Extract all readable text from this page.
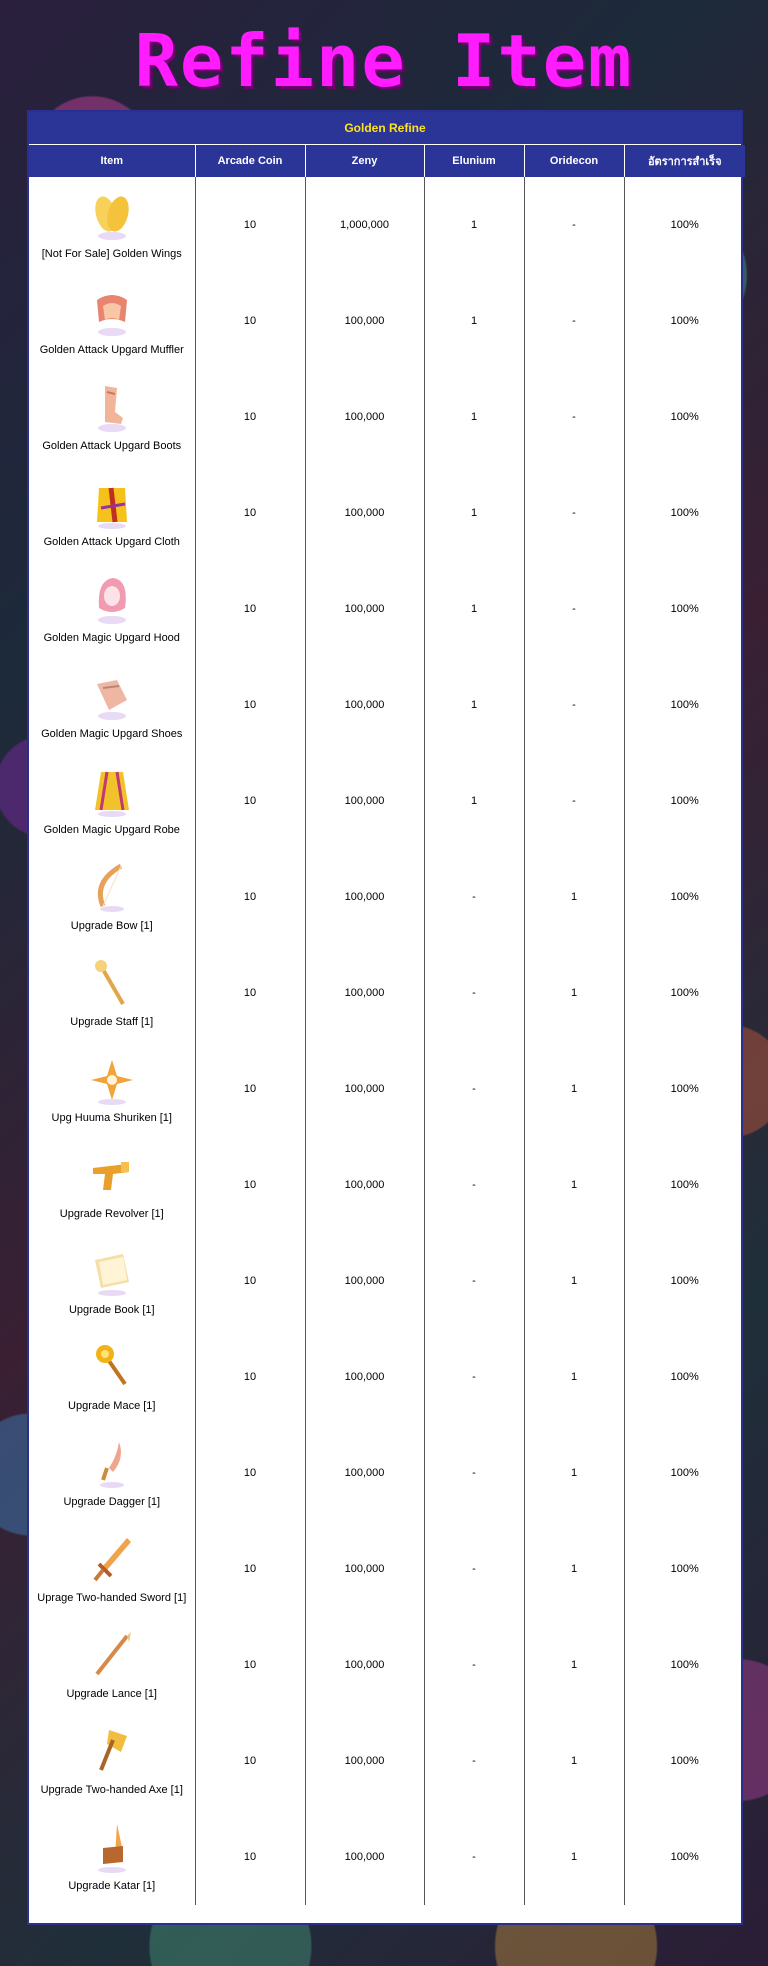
Refine Item
Golden Refine
Item	Arcade Coin	Zeny	Elunium	Oridecon	อัตราการสำเร็จ

[Not For Sale] Golden Wings	10	1,000,000	1	-	100%

Golden Attack Upgard Muffler	10	100,000	1	-	100%

Golden Attack Upgard Boots	10	100,000	1	-	100%

Golden Attack Upgard Cloth	10	100,000	1	-	100%

Golden Magic Upgard Hood	10	100,000	1	-	100%

Golden Magic Upgard Shoes	10	100,000	1	-	100%

Golden Magic Upgard Robe	10	100,000	1	-	100%

Upgrade Bow [1]	10	100,000	-	1	100%

Upgrade Staff [1]	10	100,000	-	1	100%

Upg Huuma Shuriken [1]	10	100,000	-	1	100%

Upgrade Revolver [1]	10	100,000	-	1	100%

Upgrade Book [1]	10	100,000	-	1	100%

Upgrade Mace [1]	10	100,000	-	1	100%

Upgrade Dagger [1]	10	100,000	-	1	100%

Uprage Two-handed Sword [1]	10	100,000	-	1	100%

Upgrade Lance [1]	10	100,000	-	1	100%

Upgrade Two-handed Axe [1]	10	100,000	-	1	100%

Upgrade Katar [1]	10	100,000	-	1	100%
